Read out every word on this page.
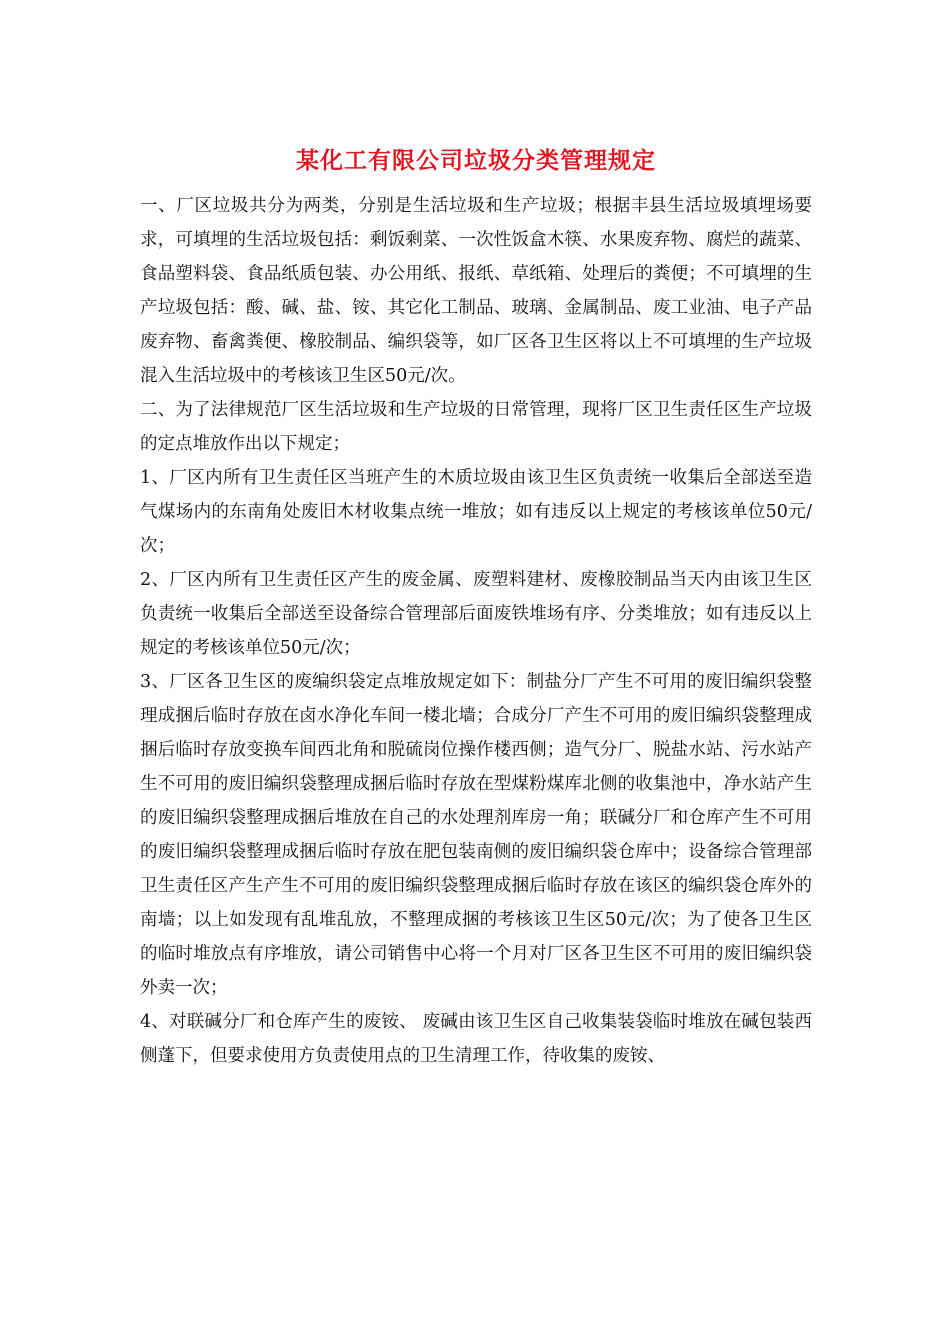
某化工有限公司垃圾分类管理规定

一、厂区垃圾共分为两类，分别是生活垃圾和生产垃圾；根据丰县生活垃圾填埋场要求，可填埋的生活垃圾包括：剩饭剩菜、一次性饭盒木筷、水果废弃物、腐烂的蔬菜、食品塑料袋、食品纸质包装、办公用纸、报纸、草纸箱、处理后的粪便；不可填埋的生产垃圾包括：酸、碱、盐、铵、其它化工制品、玻璃、金属制品、废工业油、电子产品废弃物、畜禽粪便、橡胶制品、编织袋等，如厂区各卫生区将以上不可填埋的生产垃圾混入生活垃圾中的考核该卫生区50元/次。

二、为了法律规范厂区生活垃圾和生产垃圾的日常管理，现将厂区卫生责任区生产垃圾的定点堆放作出以下规定；

1、厂区内所有卫生责任区当班产生的木质垃圾由该卫生区负责统一收集后全部送至造气煤场内的东南角处废旧木材收集点统一堆放；如有违反以上规定的考核该单位50元/次；

2、厂区内所有卫生责任区产生的废金属、废塑料建材、废橡胶制品当天内由该卫生区负责统一收集后全部送至设备综合管理部后面废铁堆场有序、分类堆放；如有违反以上规定的考核该单位50元/次；

3、厂区各卫生区的废编织袋定点堆放规定如下：制盐分厂产生不可用的废旧编织袋整理成捆后临时存放在卤水净化车间一楼北墙；合成分厂产生不可用的废旧编织袋整理成捆后临时存放变换车间西北角和脱硫岗位操作楼西侧；造气分厂、脱盐水站、污水站产生不可用的废旧编织袋整理成捆后临时存放在型煤粉煤库北侧的收集池中，净水站产生的废旧编织袋整理成捆后堆放在自己的水处理剂库房一角；联碱分厂和仓库产生不可用的废旧编织袋整理成捆后临时存放在肥包装南侧的废旧编织袋仓库中；设备综合管理部卫生责任区产生产生不可用的废旧编织袋整理成捆后临时存放在该区的编织袋仓库外的南墙；以上如发现有乱堆乱放，不整理成捆的考核该卫生区50元/次；为了使各卫生区的临时堆放点有序堆放，请公司销售中心将一个月对厂区各卫生区不可用的废旧编织袋外卖一次；

4、对联碱分厂和仓库产生的废铵、 废碱由该卫生区自己收集装袋临时堆放在碱包装西侧蓬下，但要求使用方负责使用点的卫生清理工作，待收集的废铵、
